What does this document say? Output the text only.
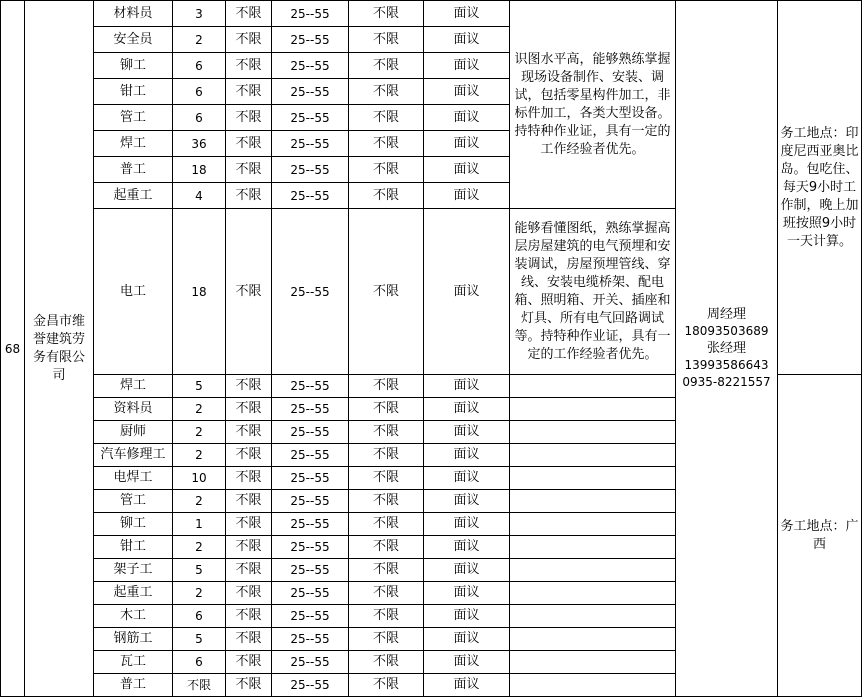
68	金昌市维誉建筑劳务有限公司	材料员	3	不限	25--55	不限	面议	识图水平高，能够熟练掌握现场设备制作、安装、调试，包括零星构件加工，非标件加工，各类大型设备。持特种作业证，具有一定的工作经验者优先。	周经理
18093503689
张经理
13993586643
0935-8221557	务工地点：印度尼西亚奥比岛。包吃住、每天9小时工作制，晚上加班按照9小时一天计算。
		安全员	2	不限	25--55	不限	面议			
		铆工	6	不限	25--55	不限	面议			
		钳工	6	不限	25--55	不限	面议			
		管工	6	不限	25--55	不限	面议			
		焊工	36	不限	25--55	不限	面议			
		普工	18	不限	25--55	不限	面议			
		起重工	4	不限	25--55	不限	面议			
		电工	18	不限	25--55	不限	面议	能够看懂图纸，熟练掌握高层房屋建筑的电气预埋和安装调试，房屋预埋管线、穿线、安装电缆桥架、配电箱、照明箱、开关、插座和灯具、所有电气回路调试等。持特种作业证，具有一定的工作经验者优先。		
		焊工	5	不限	25--55	不限	面议			务工地点：广西
		资料员	2	不限	25--55	不限	面议			
		厨师	2	不限	25--55	不限	面议			
		汽车修理工	2	不限	25--55	不限	面议			
		电焊工	10	不限	25--55	不限	面议			
		管工	2	不限	25--55	不限	面议			
		铆工	1	不限	25--55	不限	面议			
		钳工	2	不限	25--55	不限	面议			
		架子工	5	不限	25--55	不限	面议			
		起重工	2	不限	25--55	不限	面议			
		木工	6	不限	25--55	不限	面议			
		钢筋工	5	不限	25--55	不限	面议			
		瓦工	6	不限	25--55	不限	面议			
		普工	不限	不限	25--55	不限	面议			
